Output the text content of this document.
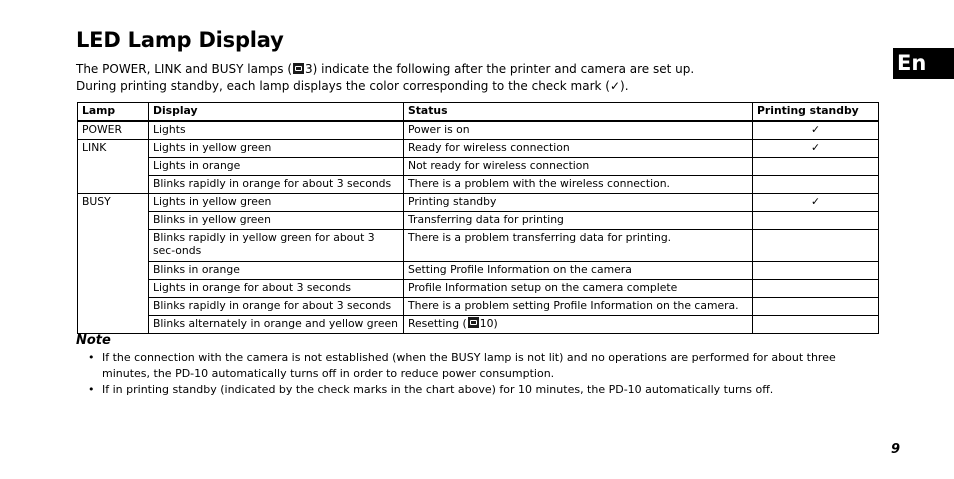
LED Lamp Display
En

The POWER, LINK and BUSY lamps ( 3) indicate the following after the printer and camera are set up.

During printing standby, each lamp displays the color corresponding to the check mark (✓).

Lamp	Display	Status	Printing standby
POWER	Lights	Power is on	✓
LINK	Lights in yellow green	Ready for wireless connection	✓
	Lights in orange	Not ready for wireless connection	
	Blinks rapidly in orange for about 3 seconds	There is a problem with the wireless connection.	
BUSY	Lights in yellow green	Printing standby	✓
	Blinks in yellow green	Transferring data for printing	
	Blinks rapidly in yellow green for about 3 sec-onds	There is a problem transferring data for printing.	
	Blinks in orange	Setting Profile Information on the camera	
	Lights in orange for about 3 seconds	Profile Information setup on the camera complete	
	Blinks rapidly in orange for about 3 seconds	There is a problem setting Profile Information on the camera.	
	Blinks alternately in orange and yellow green	Resetting ( 10)	
Note
• If the connection with the camera is not established (when the BUSY lamp is not lit) and no operations are performed for about three minutes, the PD-10 automatically turns off in order to reduce power consumption.
• If in printing standby (indicated by the check marks in the chart above) for 10 minutes, the PD-10 automatically turns off.
9
